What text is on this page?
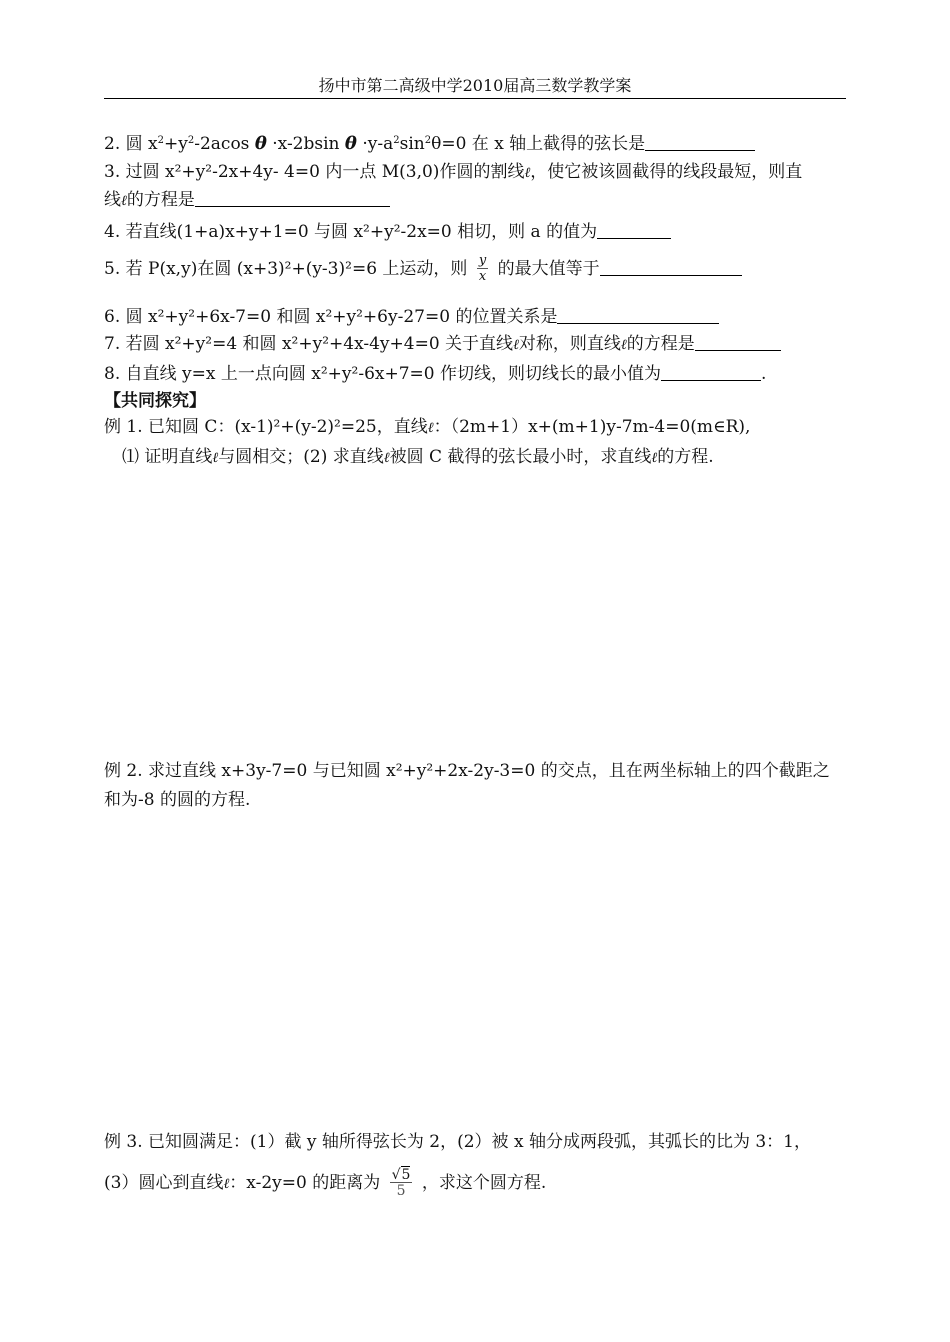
扬中市第二高级中学2010届高三数学教学案
2. 圆 $x^2+y^2-2acos$ θ ·x-2bsin $\theta \cdot y-a^2\sin^2\theta=0$ 在 x 轴上截得的弦长是
3. 过圆 x²+y²-2x+4y- 4=0 内一点 M(3,0)作圆的割线ℓ，使它被该圆截得的线段最短，则直
线ℓ的方程是
4. 若直线(1+a)x+y+1=0 与圆 x²+y²-2x=0 相切，则 a 的值为
5. 若 P(x,y)在圆 (x+3)²+(y-3)²=6 上运动，则 $\frac{y}{x}$ 的最大值等于
6. 圆 x²+y²+6x-7=0 和圆 x²+y²+6y-27=0 的位置关系是
7. 若圆 x²+y²=4 和圆 x²+y²+4x-4y+4=0 关于直线ℓ对称，则直线ℓ的方程是
8. 自直线 y=x 上一点向圆 x²+y²-6x+7=0 作切线，则切线长的最小值为	.
【共同探究】
例 1. 已知圆 C：(x-1)²+(y-2)²=25，直线ℓ：（2m+1）x+(m+1)y-7m-4=0(m∈R),
⑴ 证明直线ℓ与圆相交；(2) 求直线ℓ被圆 C 截得的弦长最小时，求直线ℓ的方程.
例 2. 求过直线 x+3y-7=0 与已知圆 x²+y²+2x-2y-3=0 的交点，且在两坐标轴上的四个截距之
和为-8 的圆的方程.
例 3. 已知圆满足：(1）截 y 轴所得弦长为 2，(2）被 x 轴分成两段弧，其弧长的比为 3：1，
(3）圆心到直线ℓ：x-2y=0 的距离为 $\frac{√5}{5}$ ，求这个圆方程.
